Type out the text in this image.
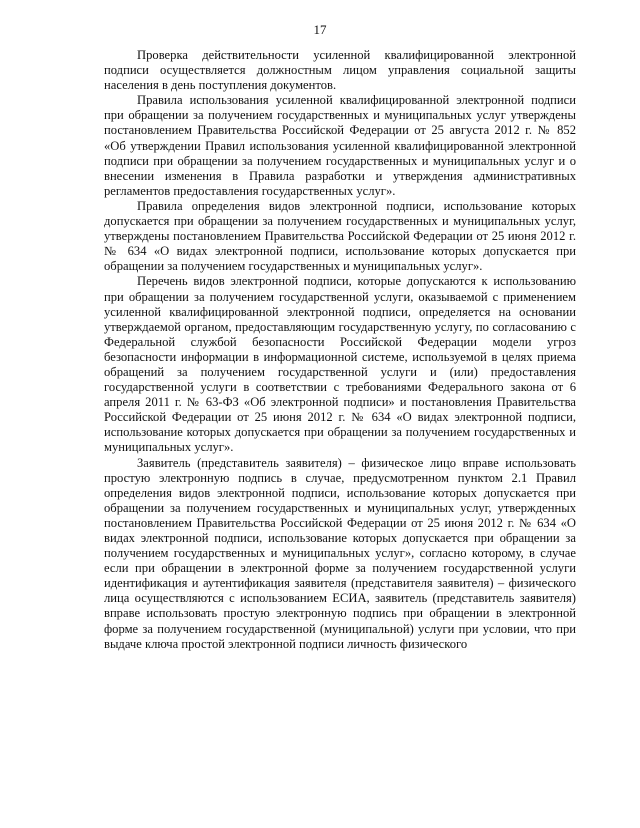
17

Проверка действительности усиленной квалифицированной электронной подписи осуществляется должностным лицом управления социальной защиты населения в день поступления документов.

Правила использования усиленной квалифицированной электронной подписи при обращении за получением государственных и муниципальных услуг утверждены постановлением Правительства Российской Федерации от 25 августа 2012 г. № 852 «Об утверждении Правил использования усиленной квалифицированной электронной подписи при обращении за получением государственных и муниципальных услуг и о внесении изменения в Правила разработки и утверждения административных регламентов предоставления государственных услуг».

Правила определения видов электронной подписи, использование которых допускается при обращении за получением государственных и муниципальных услуг, утверждены постановлением Правительства Российской Федерации от 25 июня 2012 г. № 634 «О видах электронной подписи, использование которых допускается при обращении за получением государственных и муниципальных услуг».

Перечень видов электронной подписи, которые допускаются к использованию при обращении за получением государственной услуги, оказываемой с применением усиленной квалифицированной электронной подписи, определяется на основании утверждаемой органом, предоставляющим государственную услугу, по согласованию с Федеральной службой безопасности Российской Федерации модели угроз безопасности информации в информационной системе, используемой в целях приема обращений за получением государственной услуги и (или) предоставления государственной услуги в соответствии с требованиями Федерального закона от 6 апреля 2011 г. № 63-ФЗ «Об электронной подписи» и постановления Правительства Российской Федерации от 25 июня 2012 г. № 634 «О видах электронной подписи, использование которых допускается при обращении за получением государственных и муниципальных услуг».

Заявитель (представитель заявителя) – физическое лицо вправе использовать простую электронную подпись в случае, предусмотренном пунктом 2.1 Правил определения видов электронной подписи, использование которых допускается при обращении за получением государственных и муниципальных услуг, утвержденных постановлением Правительства Российской Федерации от 25 июня 2012 г. № 634 «О видах электронной подписи, использование которых допускается при обращении за получением государственных и муниципальных услуг», согласно которому, в случае если при обращении в электронной форме за получением государственной услуги идентификация и аутентификация заявителя (представителя заявителя) – физического лица осуществляются с использованием ЕСИА, заявитель (представитель заявителя) вправе использовать простую электронную подпись при обращении в электронной форме за получением государственной (муниципальной) услуги при условии, что при выдаче ключа простой электронной подписи личность физического
